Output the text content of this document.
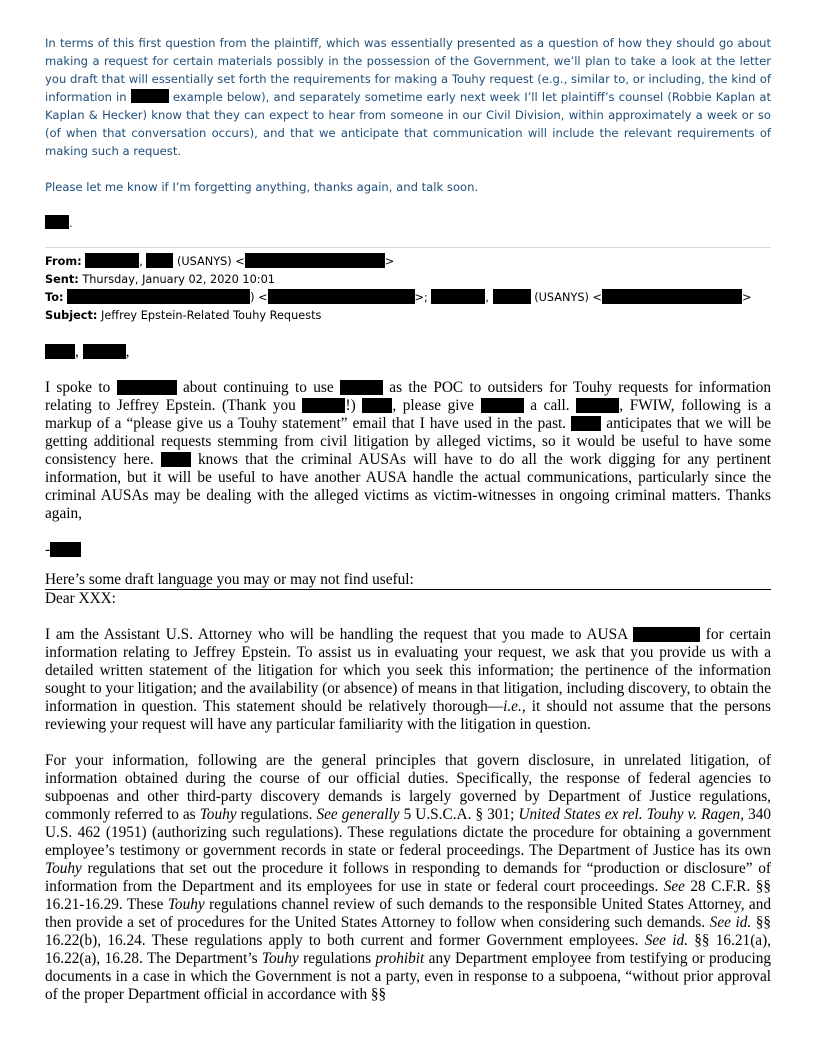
In terms of this first question from the plaintiff, which was essentially presented as a question of how they should go about making a request for certain materials possibly in the possession of the Government, we’ll plan to take a look at the letter you draft that will essentially set forth the requirements for making a Touhy request (e.g., similar to, or including, the kind of information in	example below), and separately sometime early next week I’ll let plaintiff’s counsel (Robbie Kaplan at Kaplan & Hecker) know that they can expect to hear from someone in our Civil Division, within approximately a week or so (of when that conversation occurs), and that we anticipate that communication will include the relevant requirements of making such a request.

Please let me know if I’m forgetting anything, thanks again, and talk soon.

.

From:	,	(USANYS) <	>
Sent: Thursday, January 02, 2020 10:01
To:	) <	>;	,	(USANYS) <	>
Subject: Jeffrey Epstein-Related Touhy Requests

,	,

I spoke to	about continuing to use	as the POC to outsiders for Touhy requests for information relating to Jeffrey Epstein. (Thank you	!) , please give	a call.	, FWIW, following is a markup of a “please give us a Touhy statement” email that I have used in the past.	anticipates that we will be getting additional requests stemming from civil litigation by alleged victims, so it would be useful to have some consistency here.	knows that the criminal AUSAs will have to do all the work digging for any pertinent information, but it will be useful to have another AUSA handle the actual communications, particularly since the criminal AUSAs may be dealing with the alleged victims as victim-witnesses in ongoing criminal matters. Thanks again,

-

Here’s some draft language you may or may not find useful:

Dear XXX:

I am the Assistant U.S. Attorney who will be handling the request that you made to AUSA	for certain information relating to Jeffrey Epstein. To assist us in evaluating your request, we ask that you provide us with a detailed written statement of the litigation for which you seek this information; the pertinence of the information sought to your litigation; and the availability (or absence) of means in that litigation, including discovery, to obtain the information in question. This statement should be relatively thorough—i.e., it should not assume that the persons reviewing your request will have any particular familiarity with the litigation in question.

For your information, following are the general principles that govern disclosure, in unrelated litigation, of information obtained during the course of our official duties. Specifically, the response of federal agencies to subpoenas and other third-party discovery demands is largely governed by Department of Justice regulations, commonly referred to as Touhy regulations. See generally 5 U.S.C.A. § 301; United States ex rel. Touhy v. Ragen, 340 U.S. 462 (1951) (authorizing such regulations). These regulations dictate the procedure for obtaining a government employee’s testimony or government records in state or federal proceedings. The Department of Justice has its own Touhy regulations that set out the procedure it follows in responding to demands for “production or disclosure” of information from the Department and its employees for use in state or federal court proceedings. See 28 C.F.R. §§ 16.21-16.29. These Touhy regulations channel review of such demands to the responsible United States Attorney, and then provide a set of procedures for the United States Attorney to follow when considering such demands. See id. §§ 16.22(b), 16.24. These regulations apply to both current and former Government employees. See id. §§ 16.21(a), 16.22(a), 16.28. The Department’s Touhy regulations prohibit any Department employee from testifying or producing documents in a case in which the Government is not a party, even in response to a subpoena, “without prior approval of the proper Department official in accordance with §§
